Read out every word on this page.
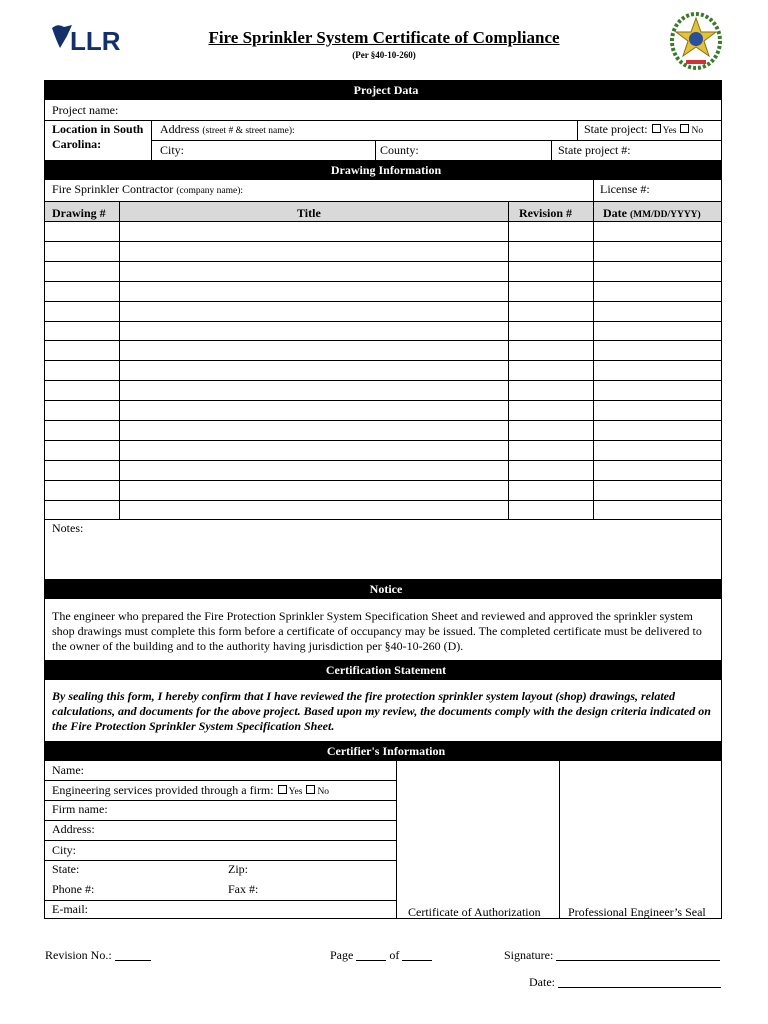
LLR	Fire Sprinkler System Certificate of Compliance
(Per §40-10-260)
Project Data
Drawing Information
Notice
Certification Statement
Certifier's Information
Project name:
Location in South Carolina:
Address (street # & street name):	State project: Yes No
City:	County:	State project #:
Fire Sprinkler Contractor (company name):	License #:
Drawing #	Title	Revision #	Date (MM/DD/YYYY)
Notes:
The engineer who prepared the Fire Protection Sprinkler System Specification Sheet and reviewed and approved the sprinkler system shop drawings must complete this form before a certificate of occupancy may be issued. The completed certificate must be delivered to the owner of the building and to the authority having jurisdiction per §40-10-260 (D).
By sealing this form, I hereby confirm that I have reviewed the fire protection sprinkler system layout (shop) drawings, related calculations, and documents for the above project. Based upon my review, the documents comply with the design criteria indicated on the Fire Protection Sprinkler System Specification Sheet.
Name:
Engineering services provided through a firm: Yes No
Firm name:
Address:
City:
State:	Zip:
Phone #:	Fax #:
E-mail:	Certificate of Authorization Professional Engineer’s Seal
Revision No.:	Page	of	Signature:
Date:
